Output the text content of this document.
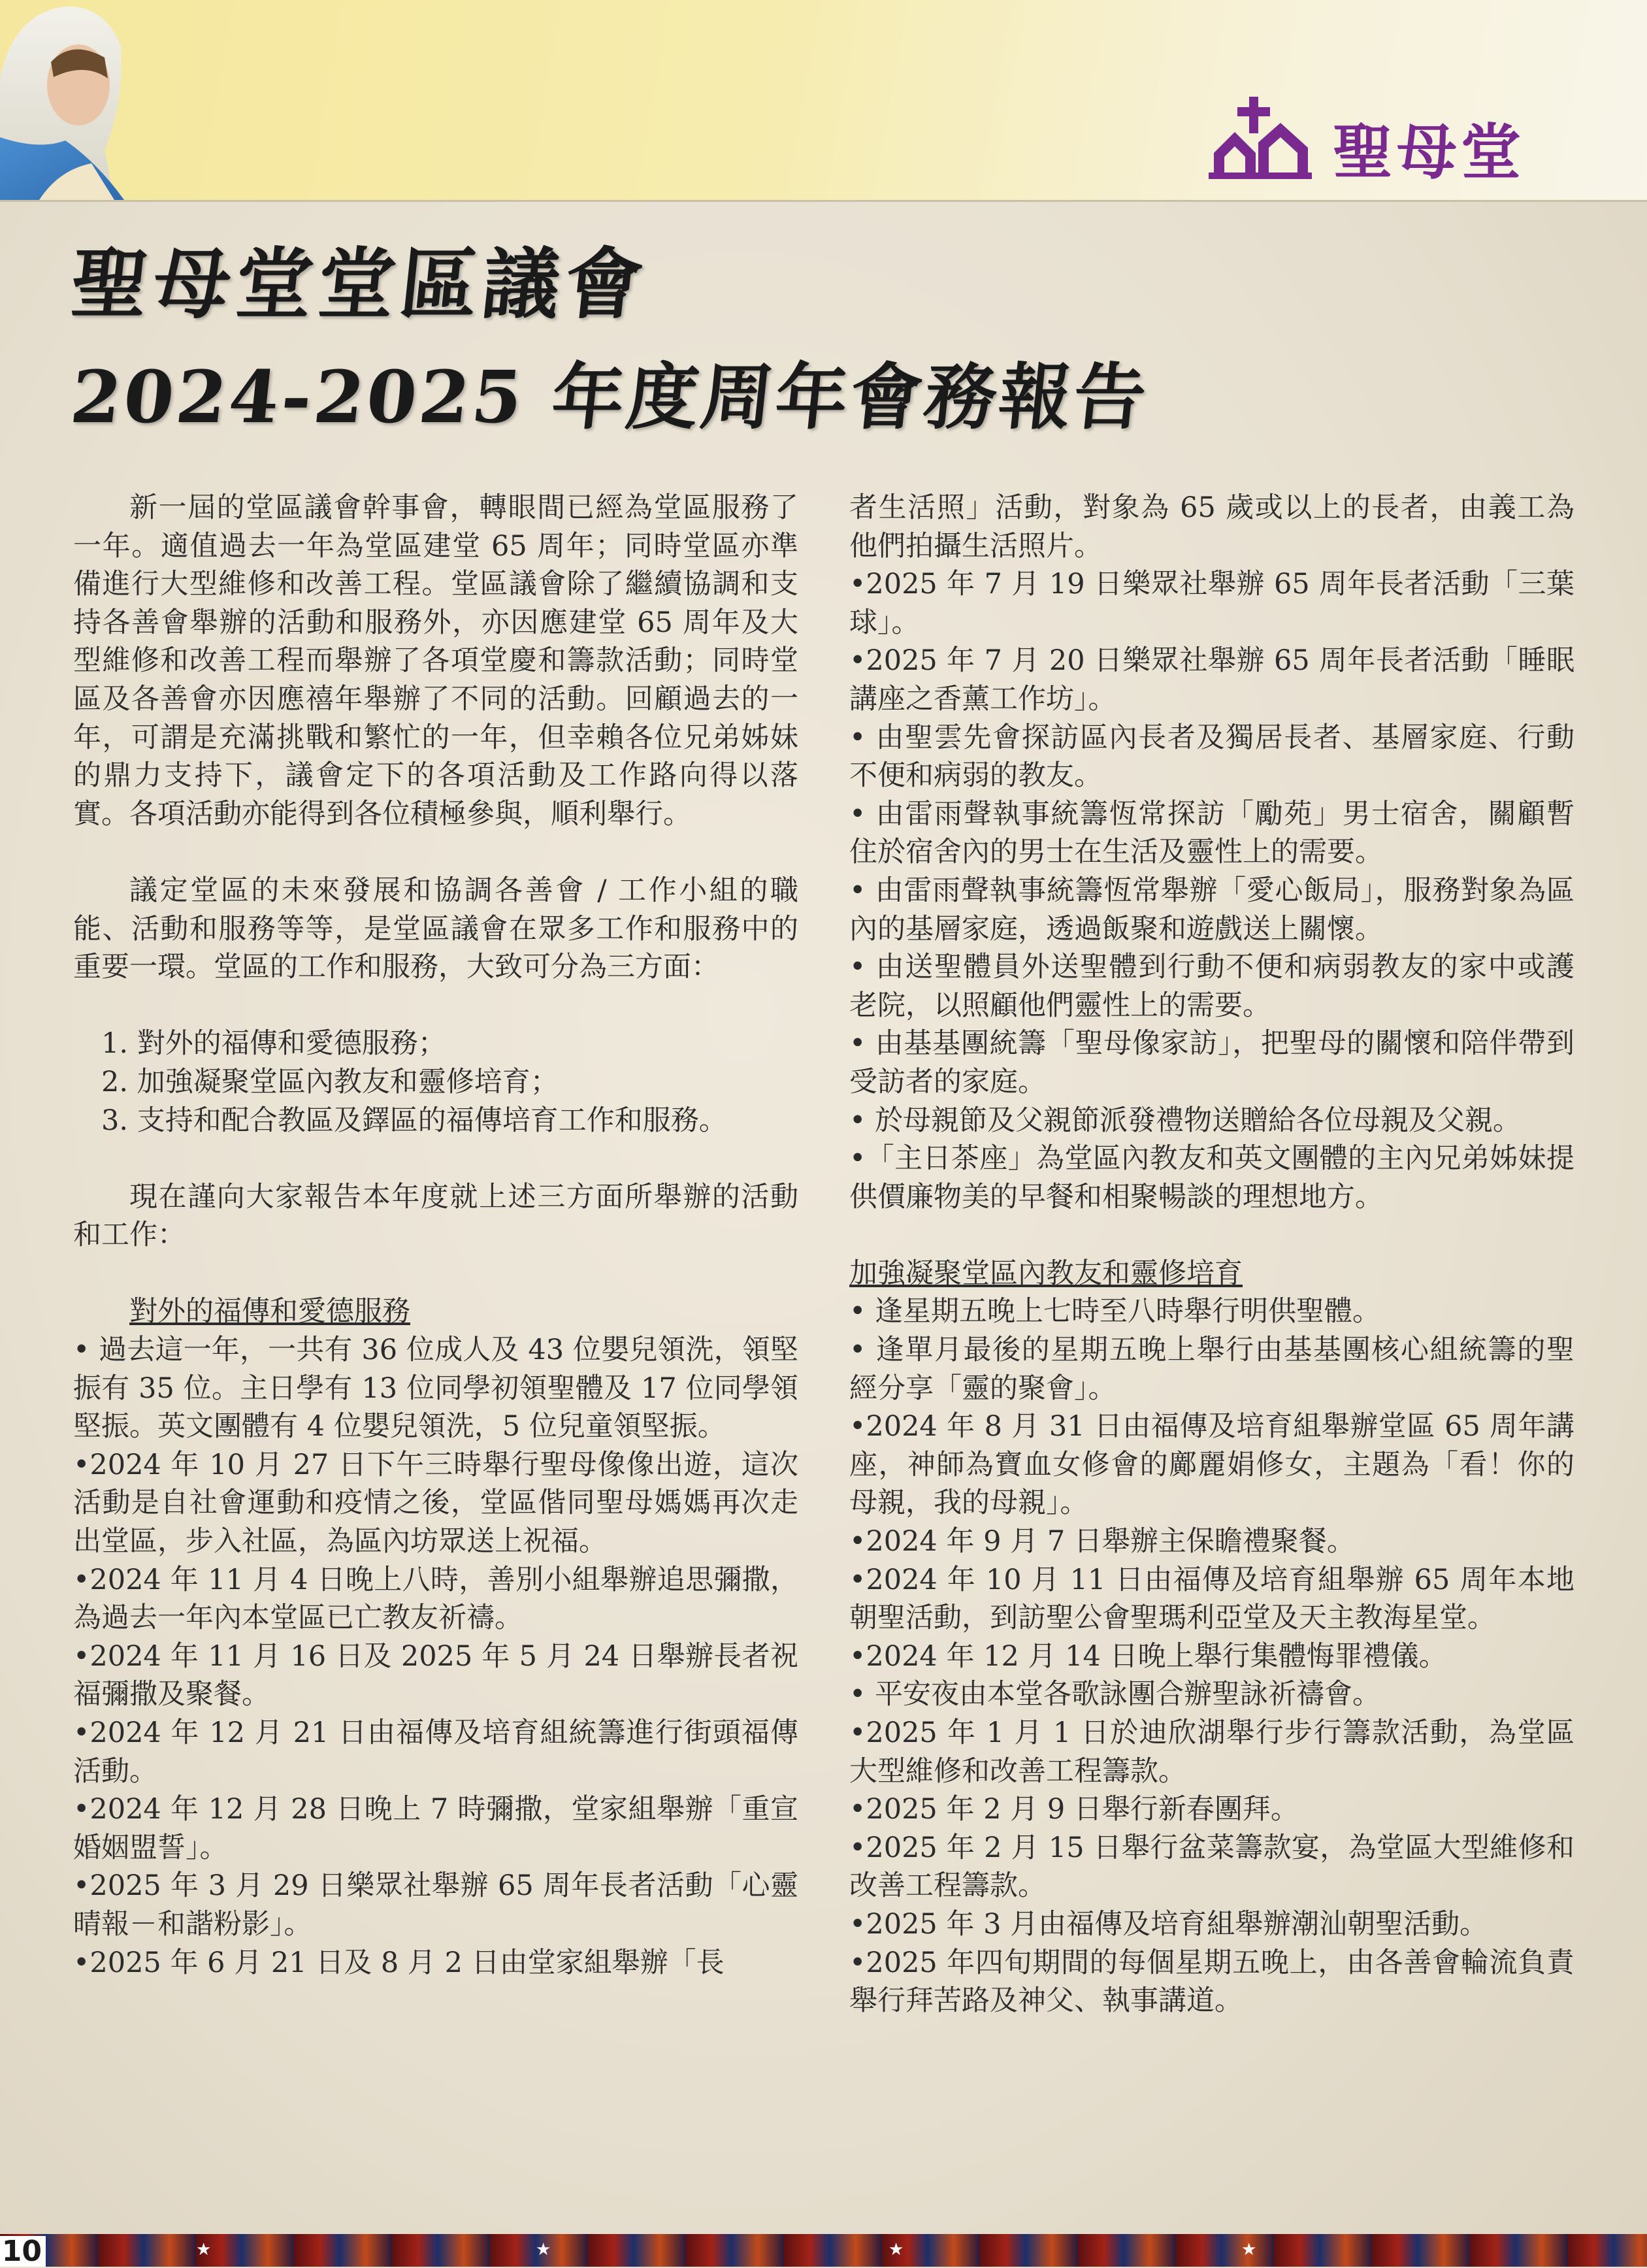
聖母堂
聖母堂堂區議會
2024-2025 年度周年會務報告

新一屆的堂區議會幹事會，轉眼間已經為堂區服務了一年。適值過去一年為堂區建堂 65 周年；同時堂區亦準備進行大型維修和改善工程。堂區議會除了繼續協調和支持各善會舉辦的活動和服務外，亦因應建堂 65 周年及大型維修和改善工程而舉辦了各項堂慶和籌款活動；同時堂區及各善會亦因應禧年舉辦了不同的活動。回顧過去的一年，可謂是充滿挑戰和繁忙的一年，但幸賴各位兄弟姊妹的鼎力支持下，議會定下的各項活動及工作路向得以落實。各項活動亦能得到各位積極參與，順利舉行。

議定堂區的未來發展和協調各善會 / 工作小組的職能、活動和服務等等，是堂區議會在眾多工作和服務中的重要一環。堂區的工作和服務，大致可分為三方面：

1. 對外的福傳和愛德服務；

2. 加強凝聚堂區內教友和靈修培育；

3. 支持和配合教區及鐸區的福傳培育工作和服務。

現在謹向大家報告本年度就上述三方面所舉辦的活動和工作：

對外的福傳和愛德服務

• 過去這一年，一共有 36 位成人及 43 位嬰兒領洗，領堅振有 35 位。主日學有 13 位同學初領聖體及 17 位同學領堅振。英文團體有 4 位嬰兒領洗，5 位兒童領堅振。

•2024 年 10 月 27 日下午三時舉行聖母像像出遊，這次活動是自社會運動和疫情之後，堂區偕同聖母媽媽再次走出堂區，步入社區，為區內坊眾送上祝福。

•2024 年 11 月 4 日晚上八時，善別小組舉辦追思彌撒，為過去一年內本堂區已亡教友祈禱。

•2024 年 11 月 16 日及 2025 年 5 月 24 日舉辦長者祝福彌撒及聚餐。

•2024 年 12 月 21 日由福傳及培育組統籌進行街頭福傳活動。

•2024 年 12 月 28 日晚上 7 時彌撒，堂家組舉辦「重宣婚姻盟誓」。

•2025 年 3 月 29 日樂眾社舉辦 65 周年長者活動「心靈晴報－和諧粉影」。

•2025 年 6 月 21 日及 8 月 2 日由堂家組舉辦「長

者生活照」活動，對象為 65 歲或以上的長者，由義工為他們拍攝生活照片。

•2025 年 7 月 19 日樂眾社舉辦 65 周年長者活動「三葉球」。

•2025 年 7 月 20 日樂眾社舉辦 65 周年長者活動「睡眠講座之香薰工作坊」。

• 由聖雲先會探訪區內長者及獨居長者、基層家庭、行動不便和病弱的教友。

• 由雷雨聲執事統籌恆常探訪「勵苑」男士宿舍，關顧暫住於宿舍內的男士在生活及靈性上的需要。

• 由雷雨聲執事統籌恆常舉辦「愛心飯局」，服務對象為區內的基層家庭，透過飯聚和遊戲送上關懷。

• 由送聖體員外送聖體到行動不便和病弱教友的家中或護老院，以照顧他們靈性上的需要。

• 由基基團統籌「聖母像家訪」，把聖母的關懷和陪伴帶到受訪者的家庭。

• 於母親節及父親節派發禮物送贈給各位母親及父親。

•「主日茶座」為堂區內教友和英文團體的主內兄弟姊妹提供價廉物美的早餐和相聚暢談的理想地方。

加強凝聚堂區內教友和靈修培育

• 逢星期五晚上七時至八時舉行明供聖體。

• 逢單月最後的星期五晚上舉行由基基團核心組統籌的聖經分享「靈的聚會」。

•2024 年 8 月 31 日由福傳及培育組舉辦堂區 65 周年講座，神師為寶血女修會的鄺麗娟修女，主題為「看！你的母親，我的母親」。

•2024 年 9 月 7 日舉辦主保瞻禮聚餐。

•2024 年 10 月 11 日由福傳及培育組舉辦 65 周年本地朝聖活動，到訪聖公會聖瑪利亞堂及天主教海星堂。

•2024 年 12 月 14 日晚上舉行集體悔罪禮儀。

• 平安夜由本堂各歌詠團合辦聖詠祈禱會。

•2025 年 1 月 1 日於迪欣湖舉行步行籌款活動，為堂區大型維修和改善工程籌款。

•2025 年 2 月 9 日舉行新春團拜。

•2025 年 2 月 15 日舉行盆菜籌款宴，為堂區大型維修和改善工程籌款。

•2025 年 3 月由福傳及培育組舉辦潮汕朝聖活動。

•2025 年四旬期間的每個星期五晚上，由各善會輪流負責舉行拜苦路及神父、執事講道。

★	★	★	★
10
